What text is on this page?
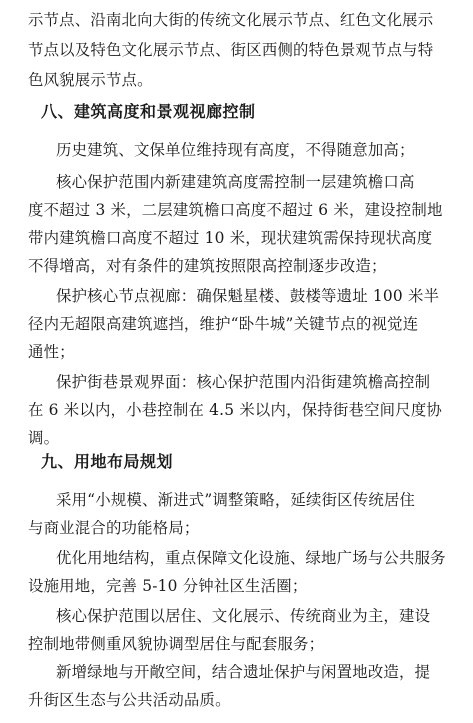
示节点、沿南北向大街的传统文化展示节点、红色文化展示
节点以及特色文化展示节点、街区西侧的特色景观节点与特
色风貌展示节点。
八、建筑高度和景观视廊控制
历史建筑、文保单位维持现有高度，不得随意加高；
核心保护范围内新建建筑高度需控制一层建筑檐口高
度不超过 3 米，二层建筑檐口高度不超过 6 米，建设控制地
带内建筑檐口高度不超过 10 米，现状建筑需保持现状高度
不得增高，对有条件的建筑按照限高控制逐步改造；
保护核心节点视廊：确保魁星楼、鼓楼等遗址 100 米半
径内无超限高建筑遮挡，维护“卧牛城”关键节点的视觉连
通性；
保护街巷景观界面：核心保护范围内沿街建筑檐高控制
在 6 米以内，小巷控制在 4.5 米以内，保持街巷空间尺度协
调。
九、用地布局规划
采用“小规模、渐进式”调整策略，延续街区传统居住
与商业混合的功能格局；
优化用地结构，重点保障文化设施、绿地广场与公共服务
设施用地，完善 5-10 分钟社区生活圈；
核心保护范围以居住、文化展示、传统商业为主，建设
控制地带侧重风貌协调型居住与配套服务；
新增绿地与开敞空间，结合遗址保护与闲置地改造，提
升街区生态与公共活动品质。
